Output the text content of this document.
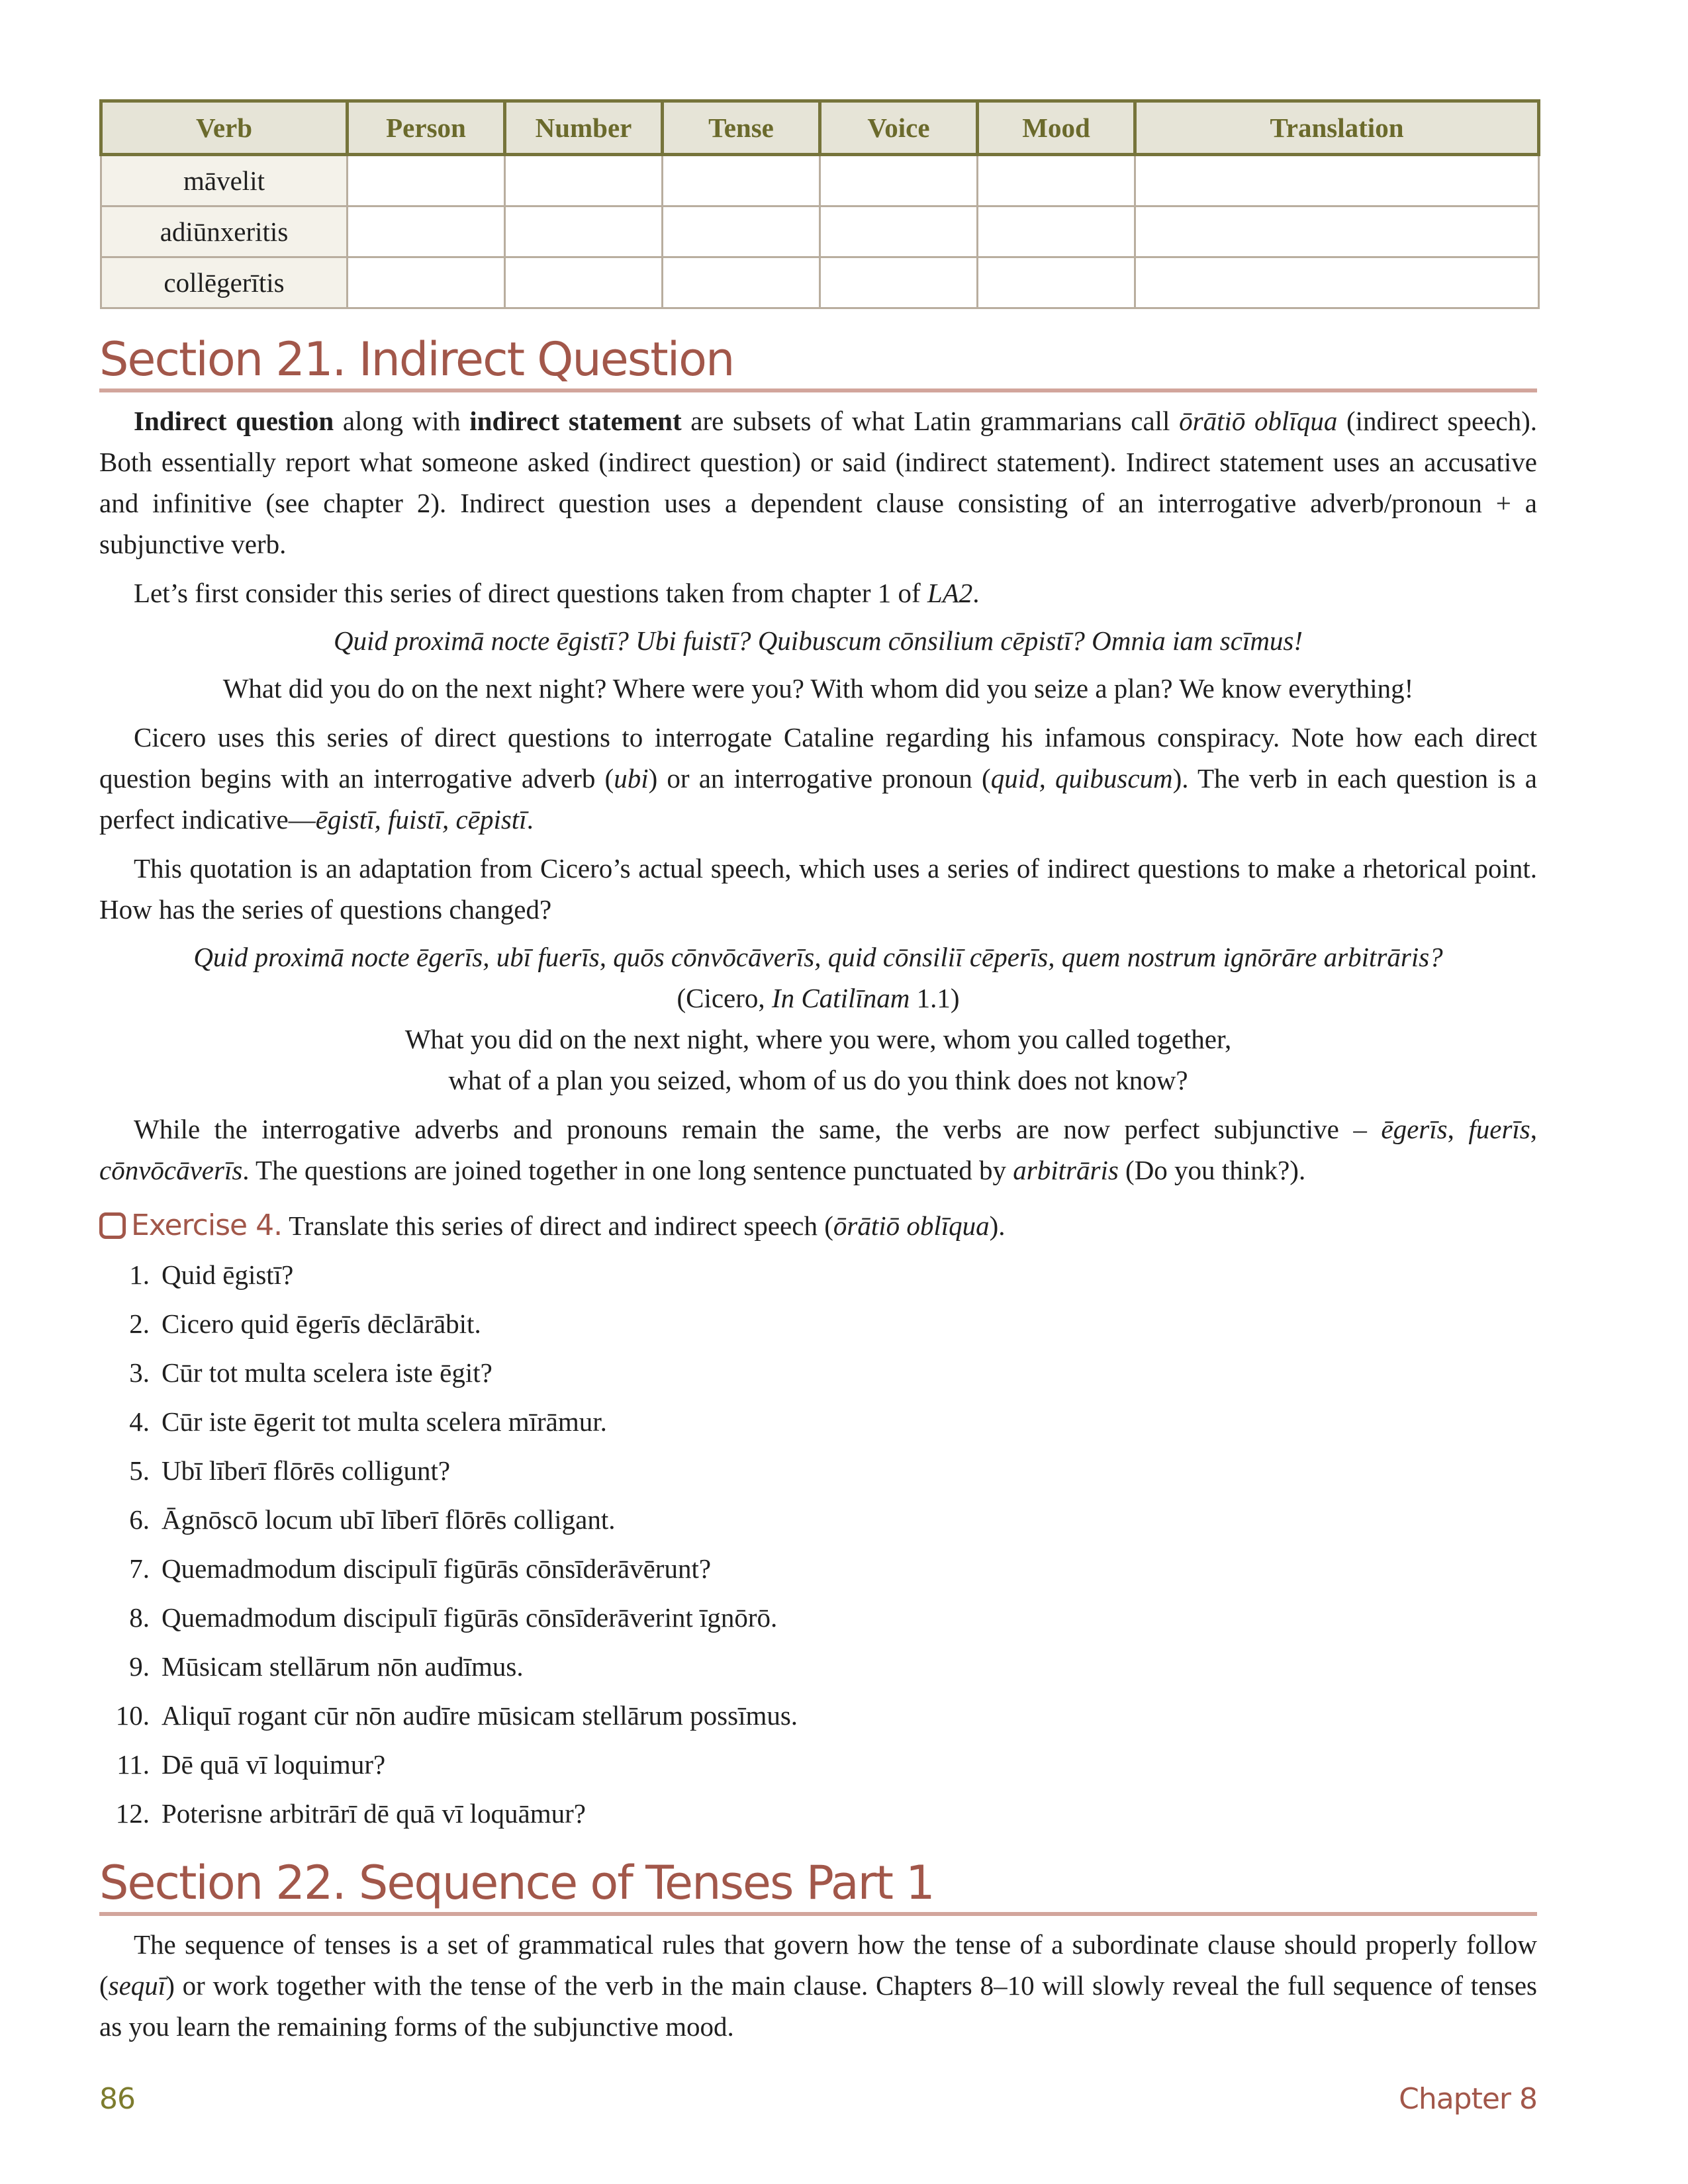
Verb	Person	Number	Tense	Voice	Mood	Translation
māvelit						
adiūnxeritis						
collēgerītis						
Section 21. Indirect Question

Indirect question along with indirect statement are subsets of what Latin grammarians call ōrātiō oblīqua (indirect speech). Both essentially report what someone asked (indirect question) or said (indirect statement). Indirect statement uses an accusative and infinitive (see chapter 2). Indirect question uses a dependent clause consisting of an interrogative adverb/pronoun + a subjunctive verb.

Let’s first consider this series of direct questions taken from chapter 1 of LA2.

Quid proximā nocte ēgistī? Ubi fuistī? Quibuscum cōnsilium cēpistī? Omnia iam scīmus!

What did you do on the next night? Where were you? With whom did you seize a plan? We know everything!

Cicero uses this series of direct questions to interrogate Cataline regarding his infamous conspiracy. Note how each direct question begins with an interrogative adverb (ubi) or an interrogative pronoun (quid, quibuscum). The verb in each question is a perfect indicative—ēgistī, fuistī, cēpistī.

This quotation is an adaptation from Cicero’s actual speech, which uses a series of indirect questions to make a rhetorical point. How has the series of questions changed?

Quid proximā nocte ēgerīs, ubī fuerīs, quōs cōnvōcāverīs, quid cōnsiliī cēperīs, quem nostrum ignōrāre arbitrāris?

(Cicero, In Catilīnam 1.1)

What you did on the next night, where you were, whom you called together,

what of a plan you seized, whom of us do you think does not know?

While the interrogative adverbs and pronouns remain the same, the verbs are now perfect subjunctive – ēgerīs, fuerīs, cōnvōcāverīs. The questions are joined together in one long sentence punctuated by arbitrāris (Do you think?).

Exercise 4. Translate this series of direct and indirect speech (ōrātiō oblīqua).
1. Quid ēgistī?
2. Cicero quid ēgerīs dēclārābit.
3. Cūr tot multa scelera iste ēgit?
4. Cūr iste ēgerit tot multa scelera mīrāmur.
5. Ubī līberī flōrēs colligunt?
6. Āgnōscō locum ubī līberī flōrēs colligant.
7. Quemadmodum discipulī figūrās cōnsīderāvērunt?
8. Quemadmodum discipulī figūrās cōnsīderāverint īgnōrō.
9. Mūsicam stellārum nōn audīmus.
10. Aliquī rogant cūr nōn audīre mūsicam stellārum possīmus.
11. Dē quā vī loquimur?
12. Poterisne arbitrārī dē quā vī loquāmur?
Section 22. Sequence of Tenses Part 1

The sequence of tenses is a set of grammatical rules that govern how the tense of a subordinate clause should properly follow (sequī) or work together with the tense of the verb in the main clause. Chapters 8–10 will slowly reveal the full sequence of tenses as you learn the remaining forms of the subjunctive mood.

86	Chapter 8
